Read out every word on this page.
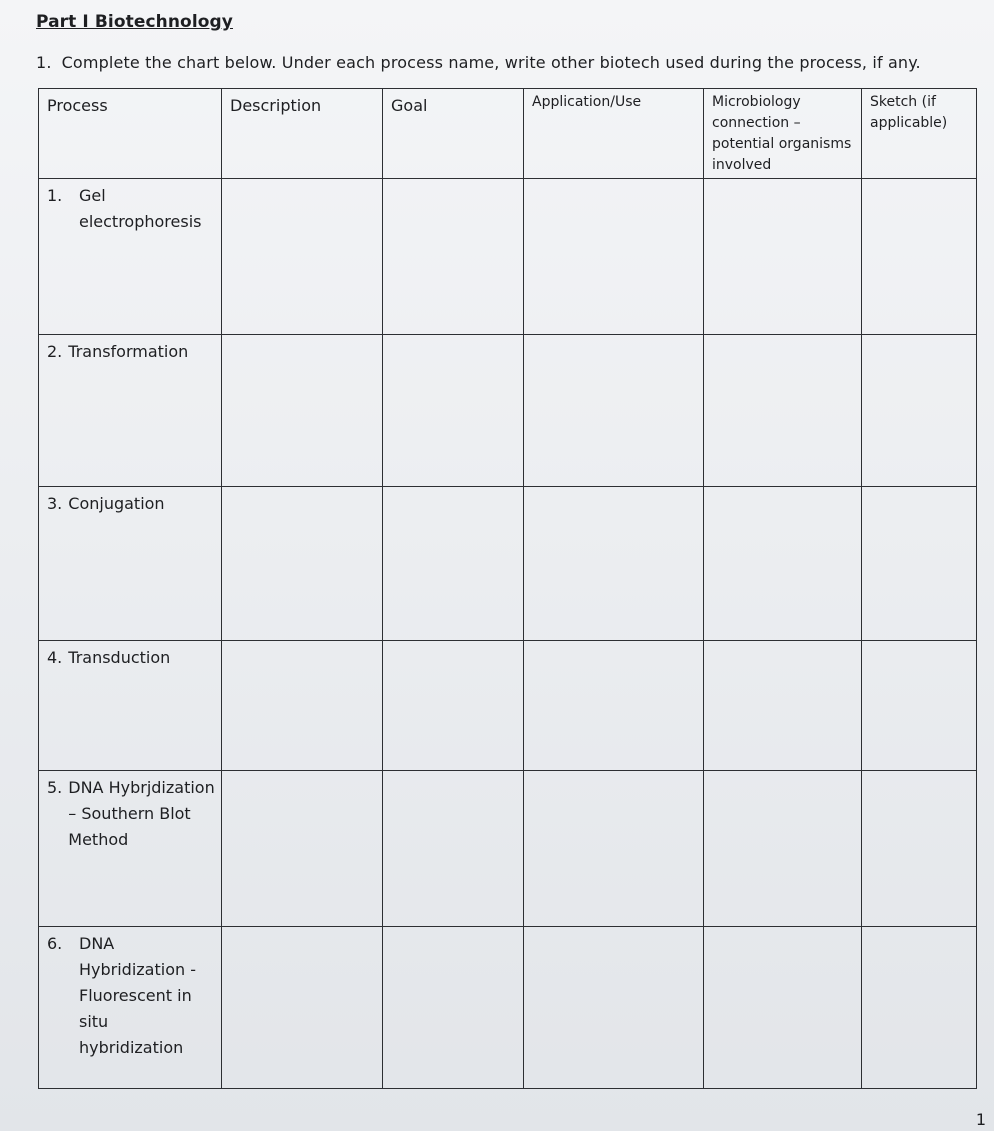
Part I Biotechnology

1. Complete the chart below. Under each process name, write other biotech used during the process, if any.

Process	Description	Goal	Application/Use	Microbiology connection – potential organisms involved	Sketch (if applicable)

1. Gel electrophoresis					

2. Transformation					

3. Conjugation					

4. Transduction					

5. DNA Hybrjdization – Southern Blot Method					

6. DNA Hybridization - Fluorescent in situ hybridization					

1
